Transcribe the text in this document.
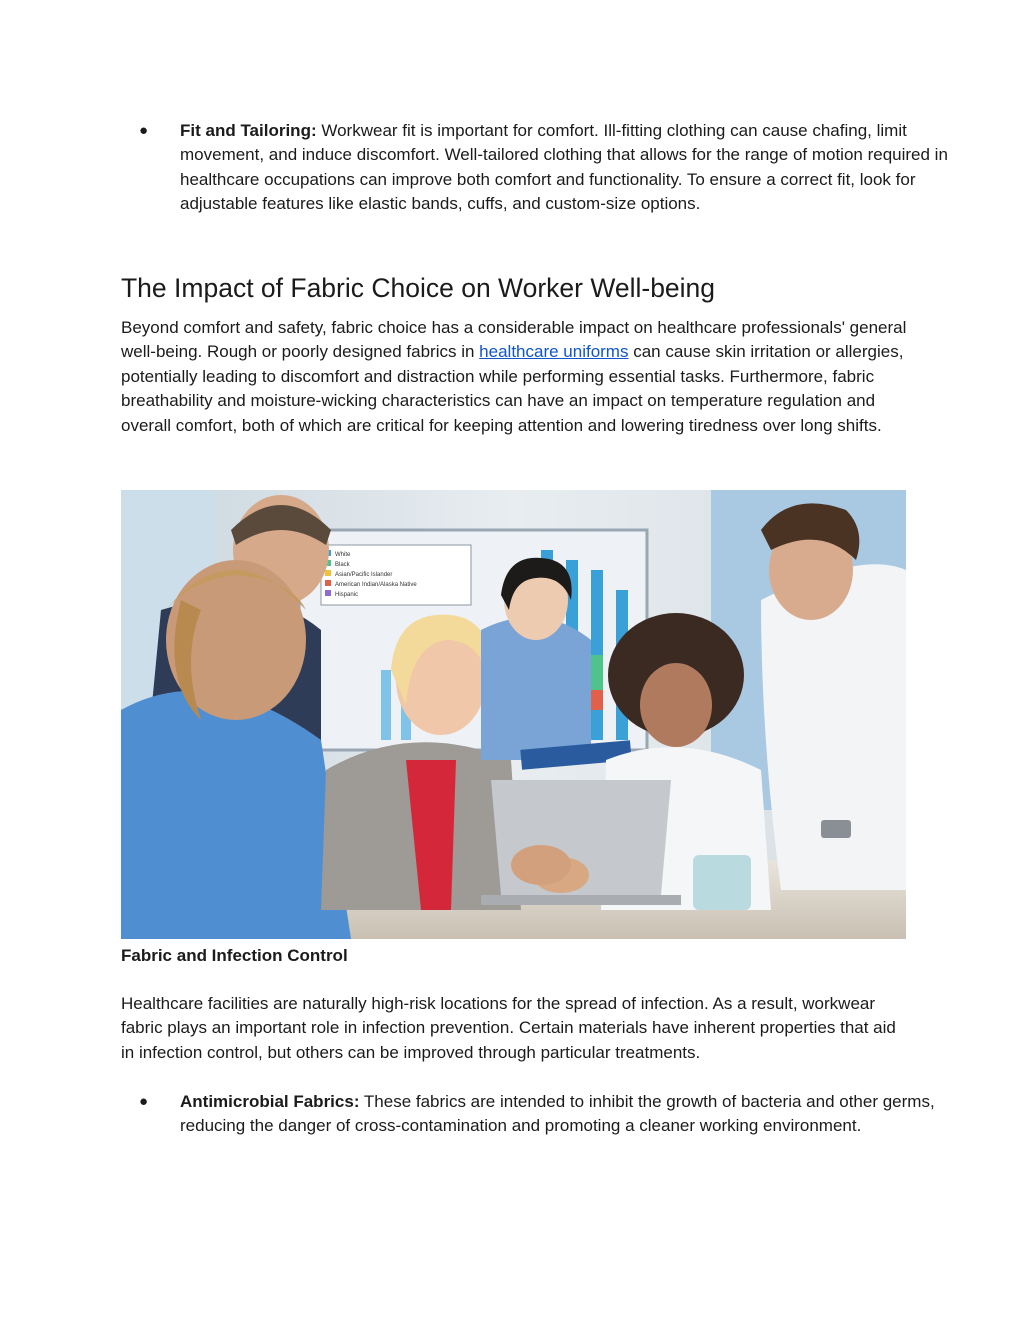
● Fit and Tailoring: Workwear fit is important for comfort. Ill-fitting clothing can cause chafing, limit movement, and induce discomfort. Well-tailored clothing that allows for the range of motion required in healthcare occupations can improve both comfort and functionality. To ensure a correct fit, look for adjustable features like elastic bands, cuffs, and custom-size options.
The Impact of Fabric Choice on Worker Well-being

Beyond comfort and safety, fabric choice has a considerable impact on healthcare professionals' general well-being. Rough or poorly designed fabrics in healthcare uniforms can cause skin irritation or allergies, potentially leading to discomfort and distraction while performing essential tasks. Furthermore, fabric breathability and moisture-wicking characteristics can have an impact on temperature regulation and overall comfort, both of which are critical for keeping attention and lowering tiredness over long shifts.

White
Black
Asian/Pacific Islander
American Indian/Alaska Native
Hispanic

Fabric and Infection Control

Healthcare facilities are naturally high-risk locations for the spread of infection. As a result, workwear fabric plays an important role in infection prevention. Certain materials have inherent properties that aid in infection control, but others can be improved through particular treatments.

● Antimicrobial Fabrics: These fabrics are intended to inhibit the growth of bacteria and other germs, reducing the danger of cross-contamination and promoting a cleaner working environment.
